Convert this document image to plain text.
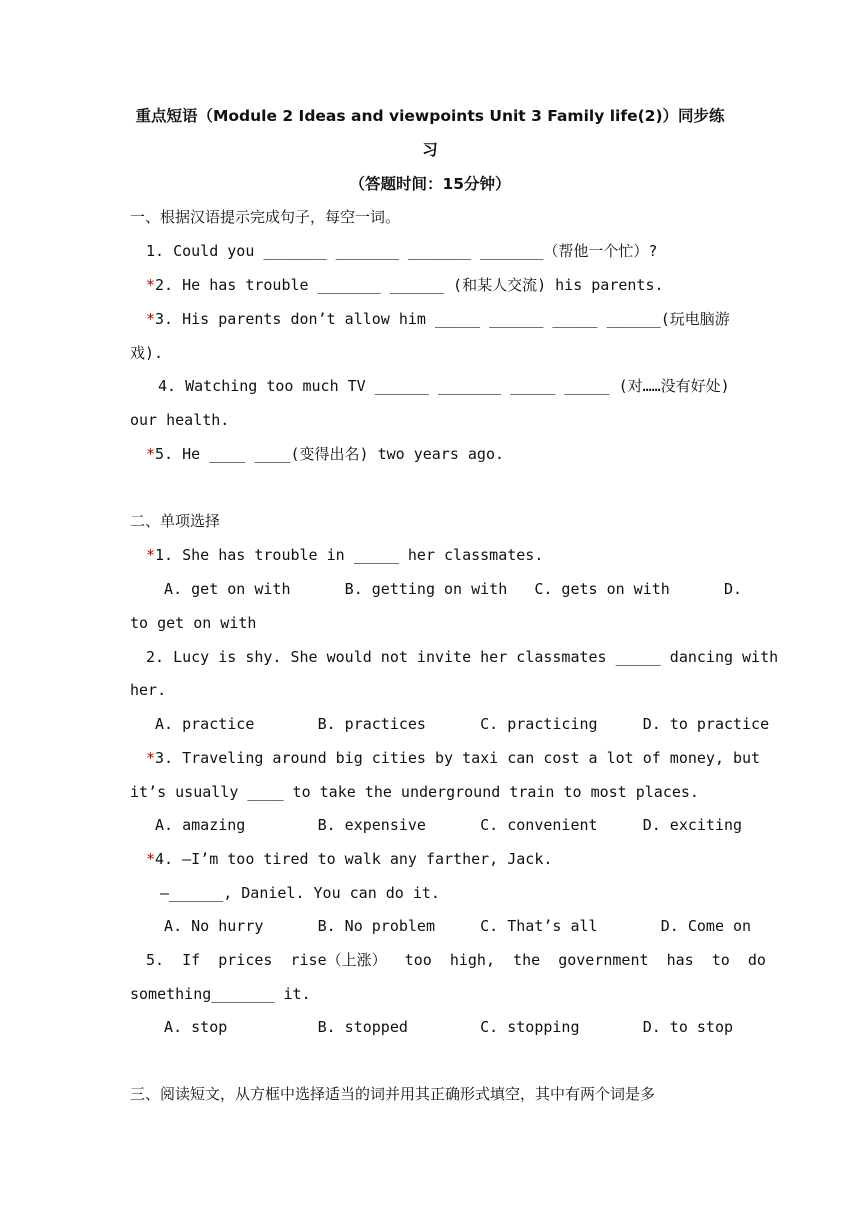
重点短语（Module 2 Ideas and viewpoints Unit 3 Family life(2)）同步练
习
（答题时间：15分钟）
一、根据汉语提示完成句子，每空一词。
1. Could you _______ _______ _______ _______（帮他一个忙）?
*2. He has trouble _______ ______ (和某人交流) his parents.
*3. His parents don’t allow him _____ ______ _____ ______(玩电脑游
戏).
4. Watching too much TV ______ _______ _____ _____ (对……没有好处)
our health.
*5. He ____ ____(变得出名) two years ago.
二、单项选择
*1. She has trouble in _____ her classmates.
A. get on with      B. getting on with   C. gets on with      D.
to get on with
2. Lucy is shy. She would not invite her classmates _____ dancing with
her.
A. practice       B. practices      C. practicing     D. to practice
*3. Traveling around big cities by taxi can cost a lot of money, but
it’s usually ____ to take the underground train to most places.
A. amazing        B. expensive      C. convenient     D. exciting
*4. —I’m too tired to walk any farther, Jack.
—______, Daniel. You can do it.
A. No hurry      B. No problem     C. That’s all       D. Come on
5.  If  prices  rise（上涨）  too  high,  the  government  has  to  do
something_______ it.
A. stop          B. stopped        C. stopping       D. to stop
三、阅读短文，从方框中选择适当的词并用其正确形式填空，其中有两个词是多
